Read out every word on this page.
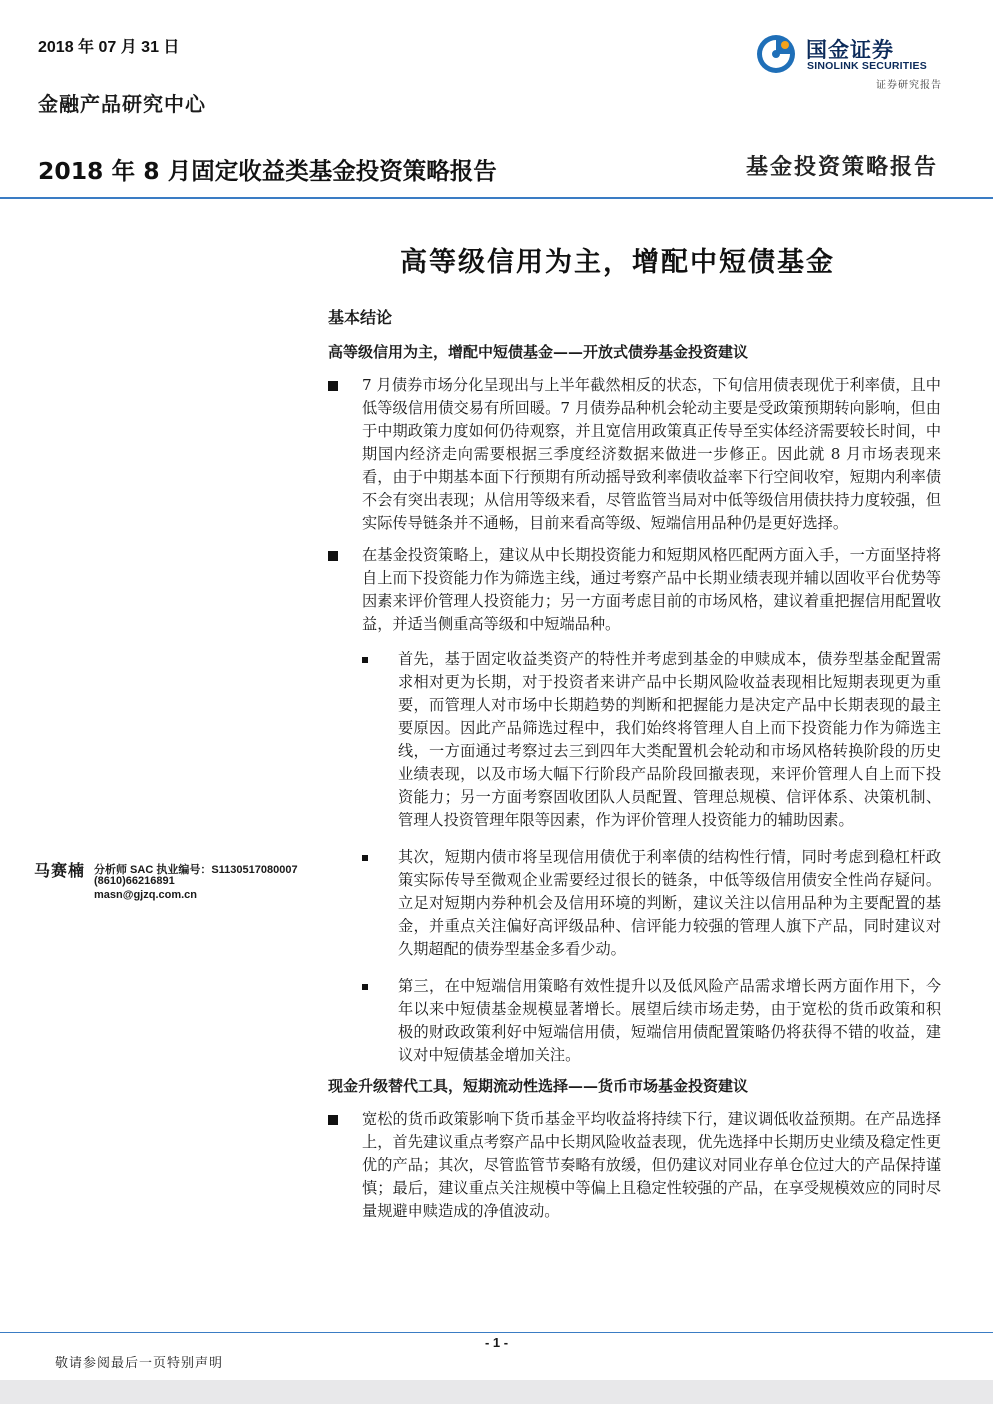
2018 年 07 月 31 日
金融产品研究中心
国金证券
SINOLINK SECURITIES
证券研究报告
2018 年 8 月固定收益类基金投资策略报告	基金投资策略报告
高等级信用为主，增配中短债基金
基本结论
高等级信用为主，增配中短债基金——开放式债券基金投资建议
7 月债券市场分化呈现出与上半年截然相反的状态，下旬信用债表现优于利率债，且中低等级信用债交易有所回暖。7 月债券品种机会轮动主要是受政策预期转向影响，但由于中期政策力度如何仍待观察，并且宽信用政策真正传导至实体经济需要较长时间，中期国内经济走向需要根据三季度经济数据来做进一步修正。因此就 8 月市场表现来看，由于中期基本面下行预期有所动摇导致利率债收益率下行空间收窄，短期内利率债不会有突出表现；从信用等级来看，尽管监管当局对中低等级信用债扶持力度较强，但实际传导链条并不通畅，目前来看高等级、短端信用品种仍是更好选择。
在基金投资策略上，建议从中长期投资能力和短期风格匹配两方面入手，一方面坚持将自上而下投资能力作为筛选主线，通过考察产品中长期业绩表现并辅以固收平台优势等因素来评价管理人投资能力；另一方面考虑目前的市场风格，建议着重把握信用配置收益，并适当侧重高等级和中短端品种。
首先，基于固定收益类资产的特性并考虑到基金的申赎成本，债券型基金配置需求相对更为长期，对于投资者来讲产品中长期风险收益表现相比短期表现更为重要，而管理人对市场中长期趋势的判断和把握能力是决定产品中长期表现的最主要原因。因此产品筛选过程中，我们始终将管理人自上而下投资能力作为筛选主线，一方面通过考察过去三到四年大类配置机会轮动和市场风格转换阶段的历史业绩表现，以及市场大幅下行阶段产品阶段回撤表现，来评价管理人自上而下投资能力；另一方面考察固收团队人员配置、管理总规模、信评体系、决策机制、管理人投资管理年限等因素，作为评价管理人投资能力的辅助因素。
其次，短期内债市将呈现信用债优于利率债的结构性行情，同时考虑到稳杠杆政策实际传导至微观企业需要经过很长的链条，中低等级信用债安全性尚存疑问。立足对短期内券种机会及信用环境的判断，建议关注以信用品种为主要配置的基金，并重点关注偏好高评级品种、信评能力较强的管理人旗下产品，同时建议对久期超配的债券型基金多看少动。
第三，在中短端信用策略有效性提升以及低风险产品需求增长两方面作用下，今年以来中短债基金规模显著增长。展望后续市场走势，由于宽松的货币政策和积极的财政政策利好中短端信用债，短端信用债配置策略仍将获得不错的收益，建议对中短债基金增加关注。
现金升级替代工具，短期流动性选择——货币市场基金投资建议
宽松的货币政策影响下货币基金平均收益将持续下行，建议调低收益预期。在产品选择上，首先建议重点考察产品中长期风险收益表现，优先选择中长期历史业绩及稳定性更优的产品；其次，尽管监管节奏略有放缓，但仍建议对同业存单仓位过大的产品保持谨慎；最后，建议重点关注规模中等偏上且稳定性较强的产品，在享受规模效应的同时尽量规避申赎造成的净值波动。
马赛楠 分析师 SAC 执业编号：S1130517080007
(8610)66216891
masn@gjzq.com.cn
- 1 -
敬请参阅最后一页特别声明
